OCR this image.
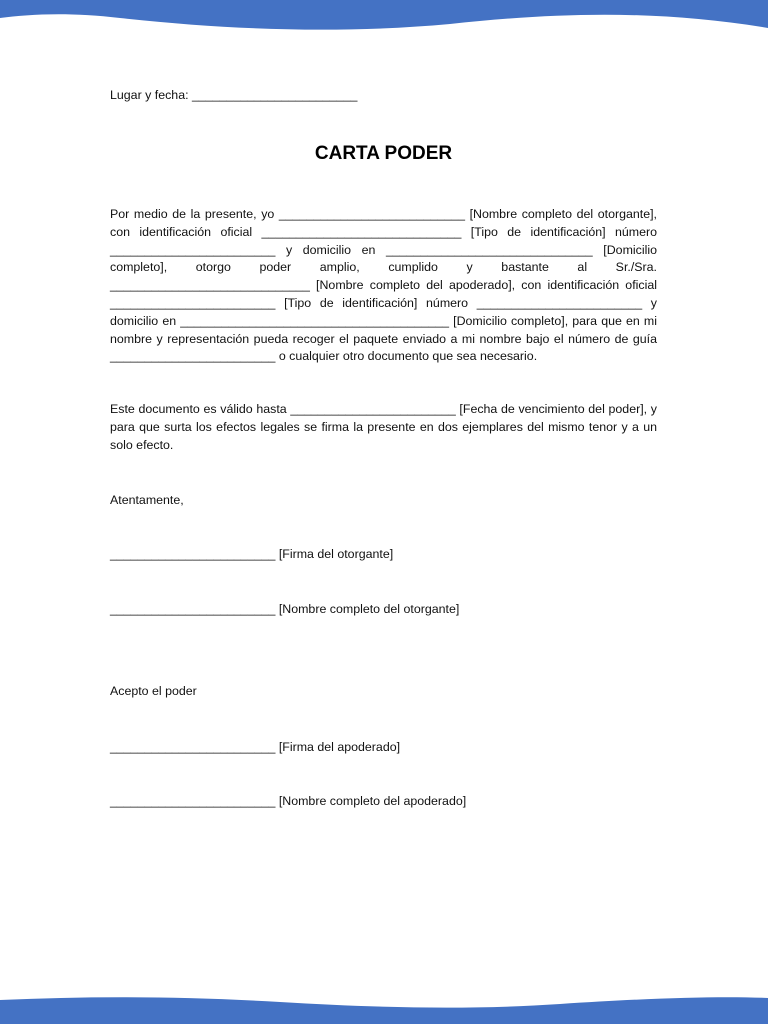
Lugar y fecha: ________________________
CARTA PODER
Por medio de la presente, yo ___________________________ [Nombre completo del otorgante], con identificación oficial _____________________________ [Tipo de identificación] número ________________________ y domicilio en ______________________________ [Domicilio completo], otorgo poder amplio, cumplido y bastante al Sr./Sra. _____________________________ [Nombre completo del apoderado], con identificación oficial ________________________ [Tipo de identificación] número ________________________ y domicilio en _______________________________________ [Domicilio completo], para que en mi nombre y representación pueda recoger el paquete enviado a mi nombre bajo el número de guía ________________________ o cualquier otro documento que sea necesario.
Este documento es válido hasta ________________________ [Fecha de vencimiento del poder], y para que surta los efectos legales se firma la presente en dos ejemplares del mismo tenor y a un solo efecto.
Atentamente,
________________________ [Firma del otorgante]
________________________ [Nombre completo del otorgante]
Acepto el poder
________________________ [Firma del apoderado]
________________________ [Nombre completo del apoderado]
